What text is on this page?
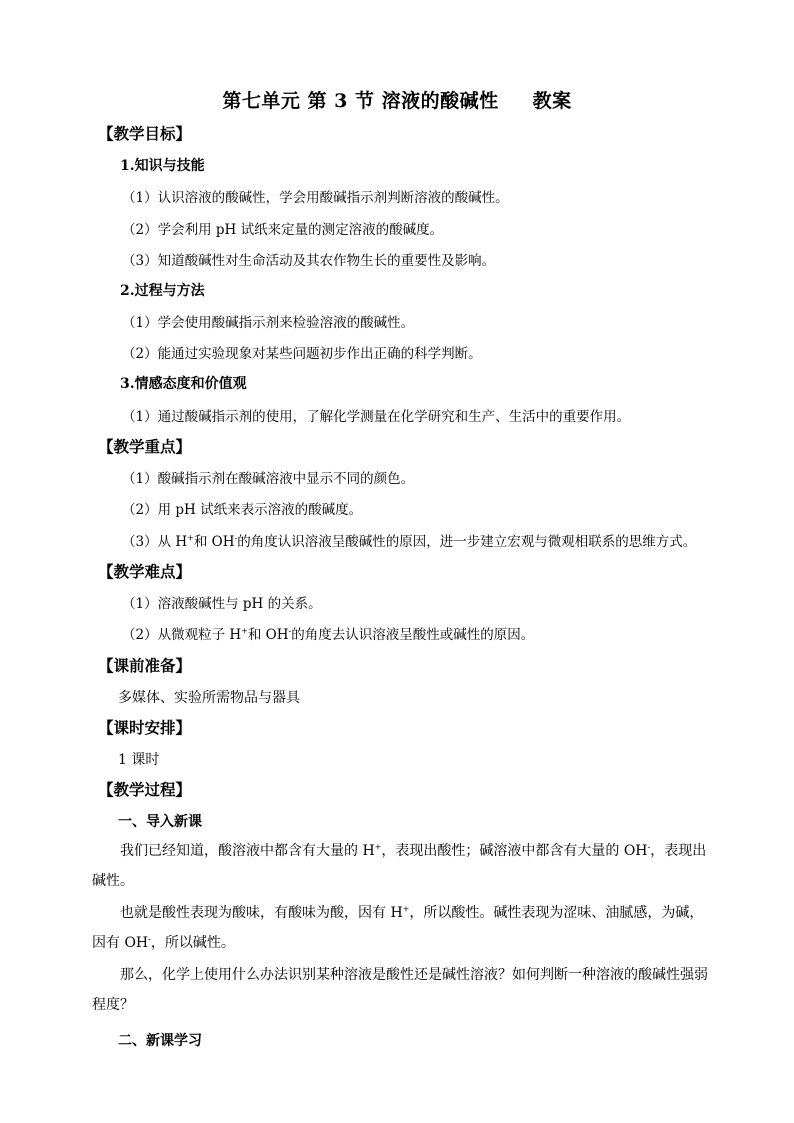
第七单元 第 3 节 溶液的酸碱性 教案
【教学目标】
1.知识与技能
（1）认识溶液的酸碱性，学会用酸碱指示剂判断溶液的酸碱性。
（2）学会利用 pH 试纸来定量的测定溶液的酸碱度。
（3）知道酸碱性对生命活动及其农作物生长的重要性及影响。
2.过程与方法
（1）学会使用酸碱指示剂来检验溶液的酸碱性。
（2）能通过实验现象对某些问题初步作出正确的科学判断。
3.情感态度和价值观
（1）通过酸碱指示剂的使用，了解化学测量在化学研究和生产、生活中的重要作用。
【教学重点】
（1）酸碱指示剂在酸碱溶液中显示不同的颜色。
（2）用 pH 试纸来表示溶液的酸碱度。
（3）从 H+和 OH-的角度认识溶液呈酸碱性的原因，进一步建立宏观与微观相联系的思维方式。
【教学难点】
（1）溶液酸碱性与 pH 的关系。
（2）从微观粒子 H+和 OH-的角度去认识溶液呈酸性或碱性的原因。
【课前准备】
多媒体、实验所需物品与器具
【课时安排】
1 课时
【教学过程】
一、导入新课
我们已经知道，酸溶液中都含有大量的 H+，表现出酸性；碱溶液中都含有大量的 OH-，表现出碱性。
也就是酸性表现为酸味，有酸味为酸，因有 H+，所以酸性。碱性表现为涩味、油腻感，为碱，因有 OH-，所以碱性。
那么，化学上使用什么办法识别某种溶液是酸性还是碱性溶液？如何判断一种溶液的酸碱性强弱程度？
二、新课学习
